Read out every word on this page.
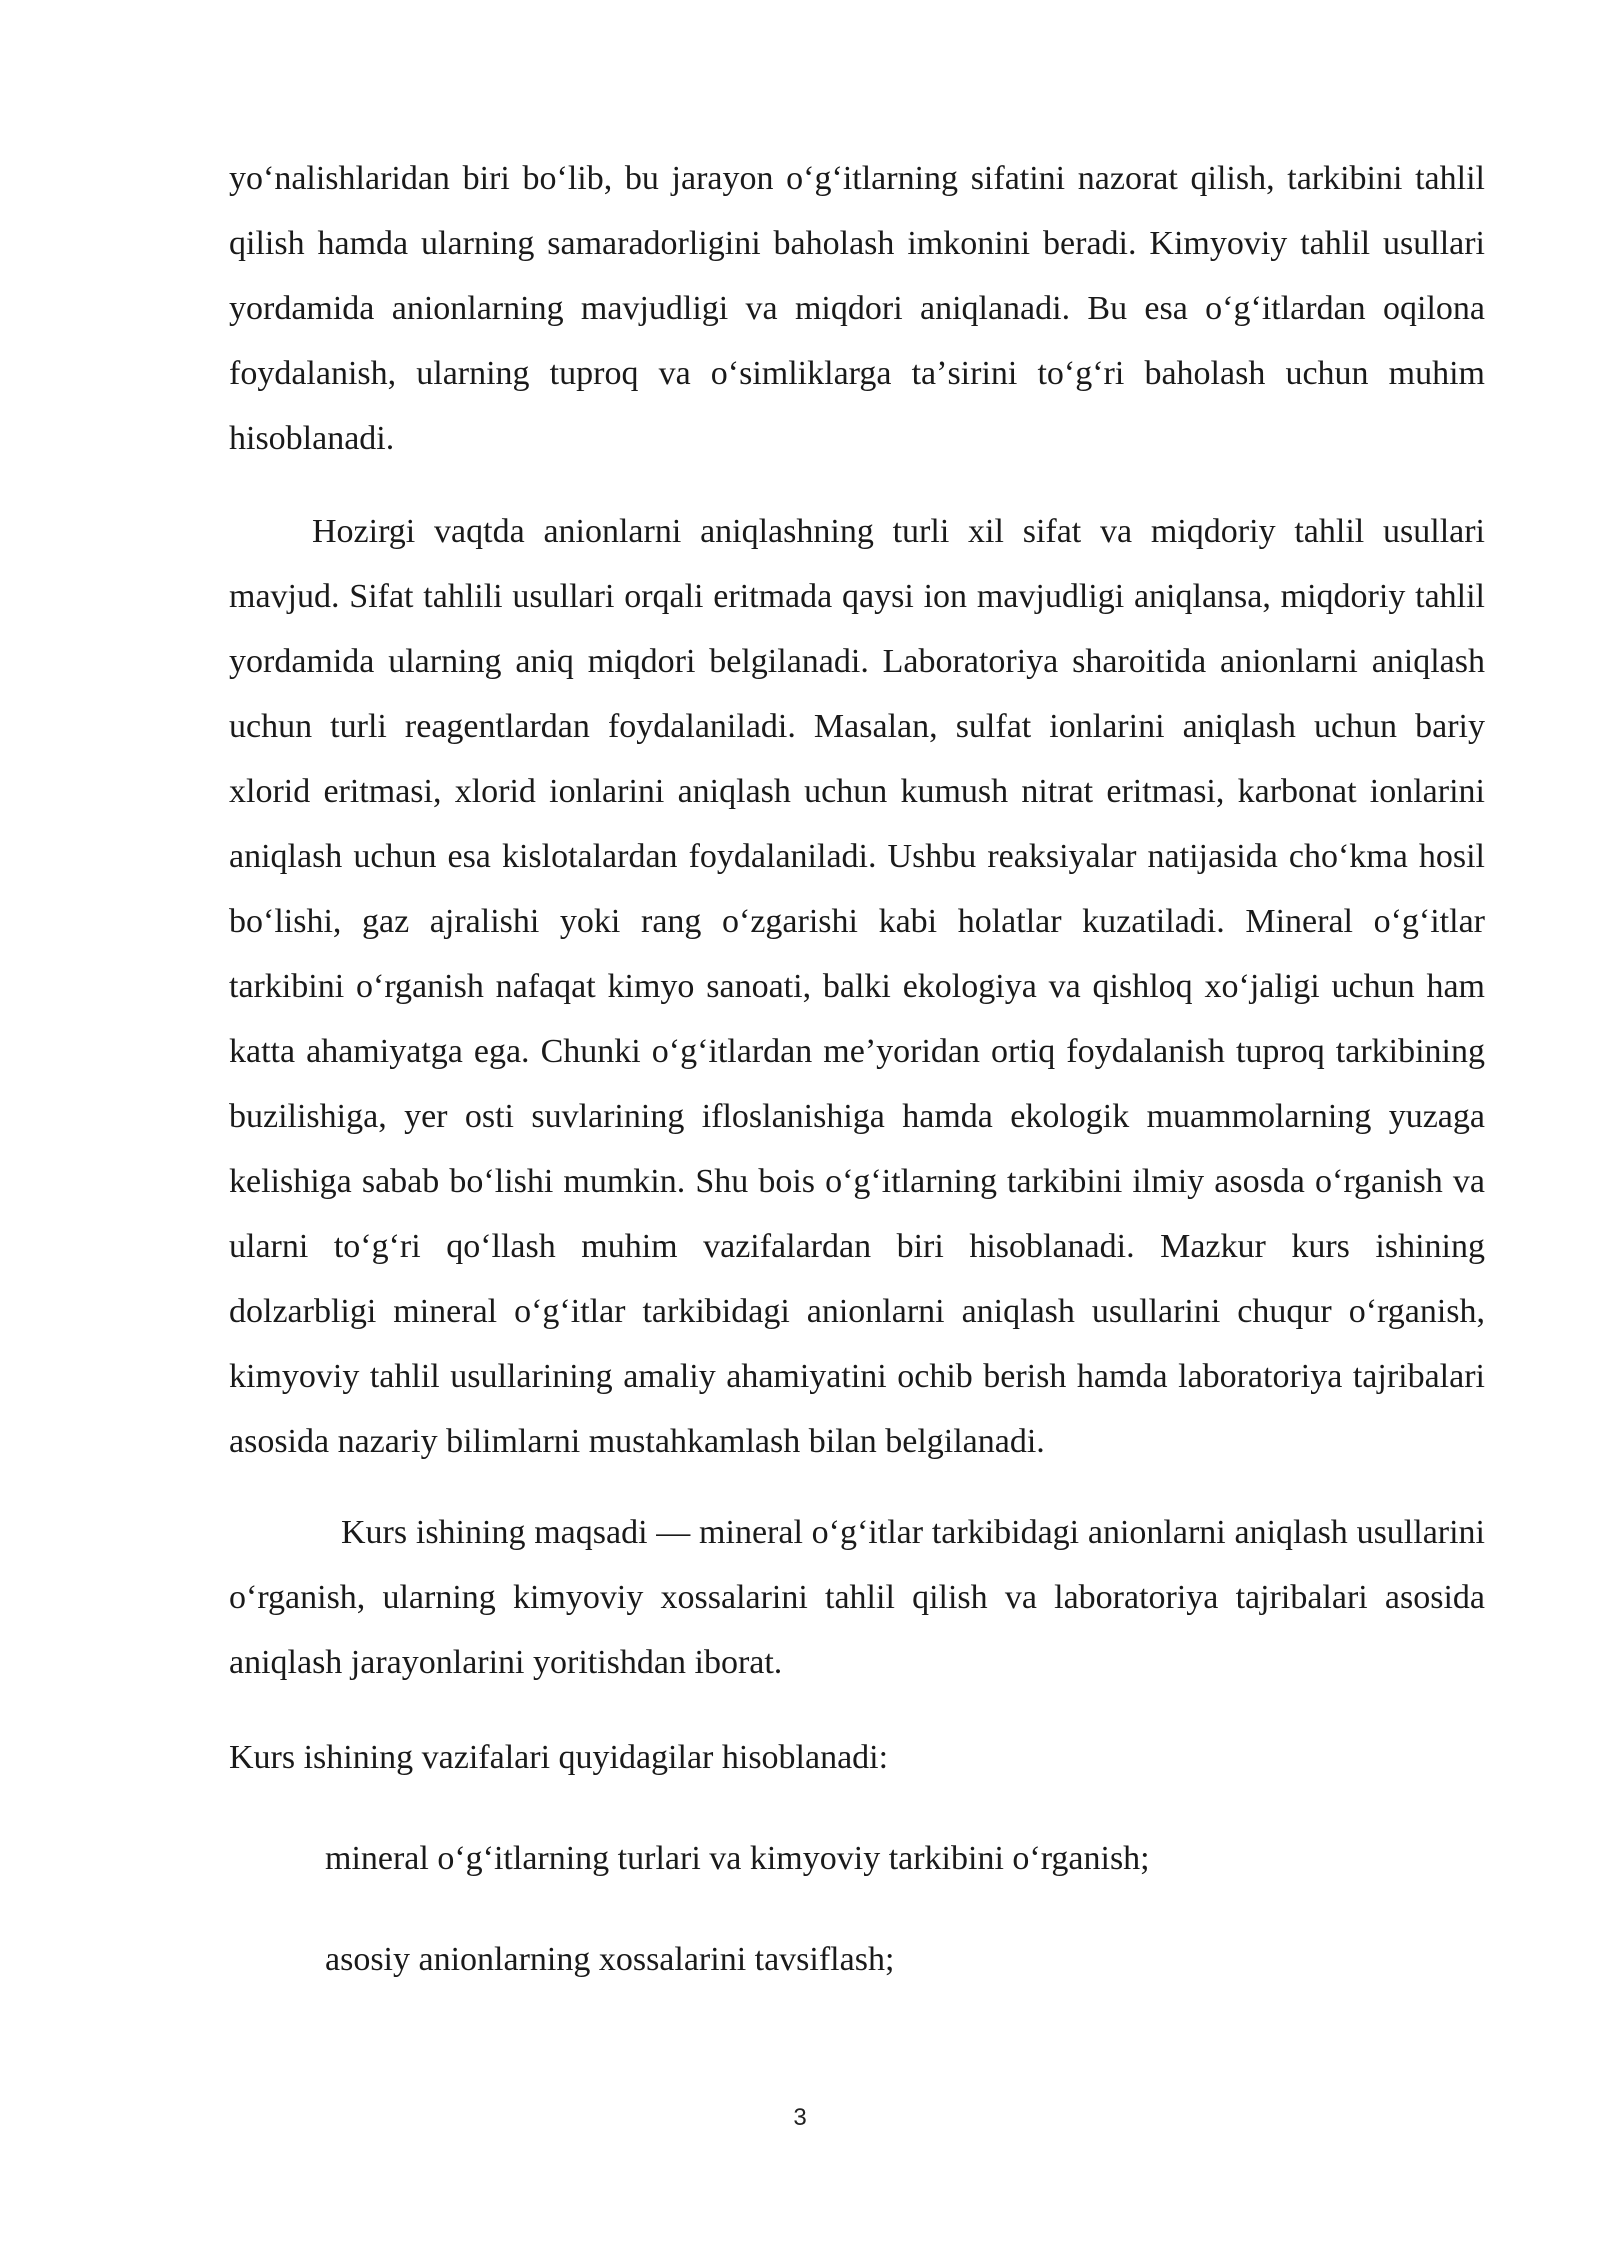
yoʻnalishlaridan biri boʻlib, bu jarayon oʻgʻitlarning sifatini nazorat qilish, tarkibini tahlil qilish hamda ularning samaradorligini baholash imkonini beradi. Kimyoviy tahlil usullari yordamida anionlarning mavjudligi va miqdori aniqlanadi. Bu esa oʻgʻitlardan oqilona foydalanish, ularning tuproq va oʻsimliklarga taʼsirini toʻgʻri baholash uchun muhim hisoblanadi.

Hozirgi vaqtda anionlarni aniqlashning turli xil sifat va miqdoriy tahlil usullari mavjud. Sifat tahlili usullari orqali eritmada qaysi ion mavjudligi aniqlansa, miqdoriy tahlil yordamida ularning aniq miqdori belgilanadi. Laboratoriya sharoitida anionlarni aniqlash uchun turli reagentlardan foydalaniladi. Masalan, sulfat ionlarini aniqlash uchun bariy xlorid eritmasi, xlorid ionlarini aniqlash uchun kumush nitrat eritmasi, karbonat ionlarini aniqlash uchun esa kislotalardan foydalaniladi. Ushbu reaksiyalar natijasida choʻkma hosil boʻlishi, gaz ajralishi yoki rang oʻzgarishi kabi holatlar kuzatiladi. Mineral oʻgʻitlar tarkibini oʻrganish nafaqat kimyo sanoati, balki ekologiya va qishloq xoʻjaligi uchun ham katta ahamiyatga ega. Chunki oʻgʻitlardan meʼyoridan ortiq foydalanish tuproq tarkibining buzilishiga, yer osti suvlarining ifloslanishiga hamda ekologik muammolarning yuzaga kelishiga sabab boʻlishi mumkin. Shu bois oʻgʻitlarning tarkibini ilmiy asosda oʻrganish va ularni toʻgʻri qoʻllash muhim vazifalardan biri hisoblanadi. Mazkur kurs ishining dolzarbligi mineral oʻgʻitlar tarkibidagi anionlarni aniqlash usullarini chuqur oʻrganish, kimyoviy tahlil usullarining amaliy ahamiyatini ochib berish hamda laboratoriya tajribalari asosida nazariy bilimlarni mustahkamlash bilan belgilanadi.

Kurs ishining maqsadi — mineral oʻgʻitlar tarkibidagi anionlarni aniqlash usullarini oʻrganish, ularning kimyoviy xossalarini tahlil qilish va laboratoriya tajribalari asosida aniqlash jarayonlarini yoritishdan iborat.

Kurs ishining vazifalari quyidagilar hisoblanadi:

mineral oʻgʻitlarning turlari va kimyoviy tarkibini oʻrganish;

asosiy anionlarning xossalarini tavsiflash;

3
